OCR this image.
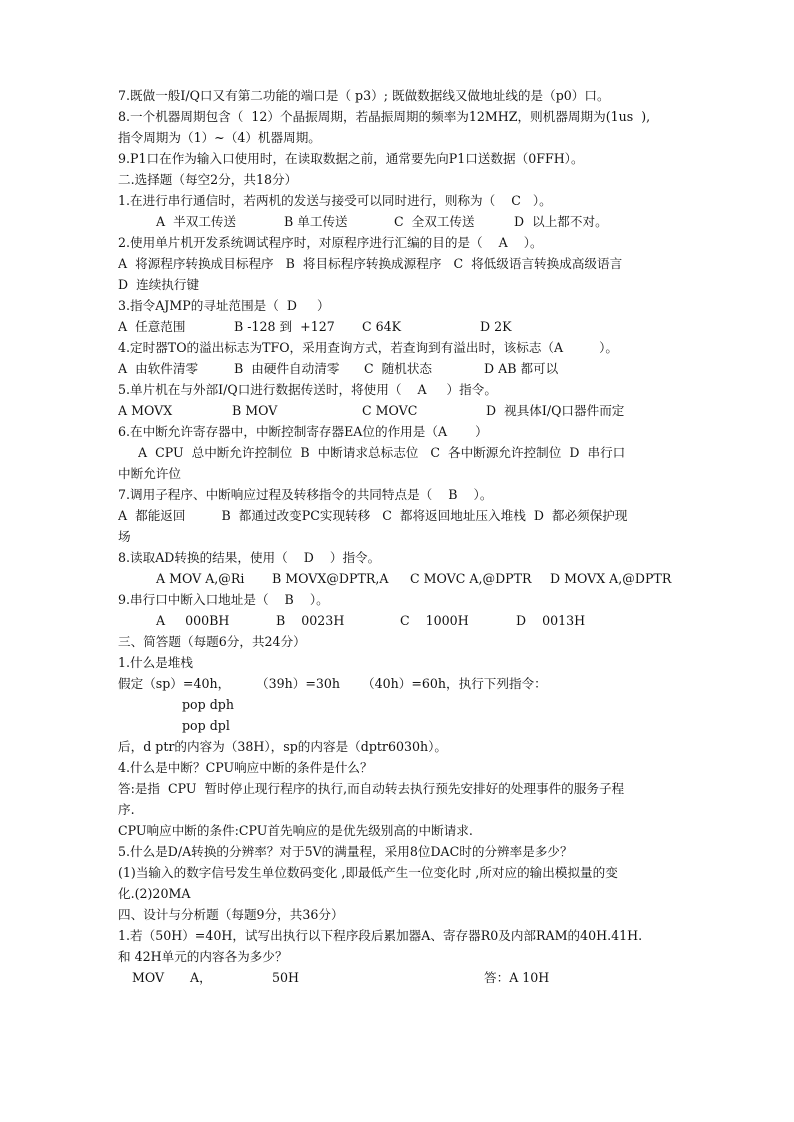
7.既做一般I/Q口又有第二功能的端口是（ p3）; 既做数据线又做地址线的是（p0）口。
8.一个机器周期包含（  12）个晶振周期，若晶振周期的频率为12MHZ，则机器周期为(1us  ),
指令周期为（1）~（4）机器周期。
9.P1口在作为输入口使用时，在读取数据之前，通常要先向P1口送数据（0FFH）。
二.选择题（每空2分，共18分）
1.在进行串行通信时，若两机的发送与接受可以同时进行，则称为（    C   ）。

A  半双工传送

	B 单工传送

	C  全双工传送

	D  以上都不对。

2.使用单片机开发系统调试程序时，对原程序进行汇编的目的是（    A    ）。
A  将源程序转换成目标程序   B  将目标程序转换成源程序   C  将低级语言转换成高级语言
D  连续执行键
3.指令AJMP的寻址范围是（  D     ）

A  任意范围

	B -128 到  +127

C 64K

	D 2K

4.定时器TO的溢出标志为TFO，采用查询方式，若查询到有溢出时，该标志（A         ）。

A  由软件清零

	B  由硬件自动清零

C  随机状态

	D AB 都可以

5.单片机在与外部I/Q口进行数据传送时，将使用（    A     ）指令。

A MOVX

	B MOV

	C MOVC

	D  视具体I/Q口器件而定

6.在中断允许寄存器中，中断控制寄存器EA位的作用是（A       ）
A  CPU  总中断允许控制位  B  中断请求总标志位   C  各中断源允许控制位  D  串行口
中断允许位
7.调用子程序、中断响应过程及转移指令的共同特点是（    B    ）。
A  都能返回         B  都通过改变PC实现转移   C  都将返回地址压入堆栈  D  都必须保护现
场
8.读取AD转换的结果，使用（    D    ）指令。

A MOV A,@Ri

B MOVX@DPTR,A

C MOVC A,@DPTR

D MOVX A,@DPTR

9.串行口中断入口地址是（    B    ）。

A     000BH

	B    0023H

	C    1000H

	D    0013H

三、简答题（每题6分，共24分）
1.什么是堆栈

假定（sp）=40h，

（39h）=30h

（40h）=60h，执行下列指令：

pop dph
pop dpl
后，d ptr的内容为（38H），sp的内容是（dptr6030h）。
4.什么是中断？CPU响应中断的条件是什么？
答:是指  CPU  暂时停止现行程序的执行,而自动转去执行预先安排好的处理事件的服务子程
序.
CPU响应中断的条件:CPU首先响应的是优先级别高的中断请求.
5.什么是D/A转换的分辨率？对于5V的满量程，采用8位DAC时的分辨率是多少？
(1)当输入的数字信号发生单位数码变化 ,即最低产生一位变化时 ,所对应的输出模拟量的变
化.(2)20MA
四、设计与分析题（每题9分，共36分）
1.若（50H）=40H，试写出执行以下程序段后累加器A、寄存器R0及内部RAM的40H.41H.
和 42H单元的内容各为多少？

MOV

A，

	50H

	答：A 10H
